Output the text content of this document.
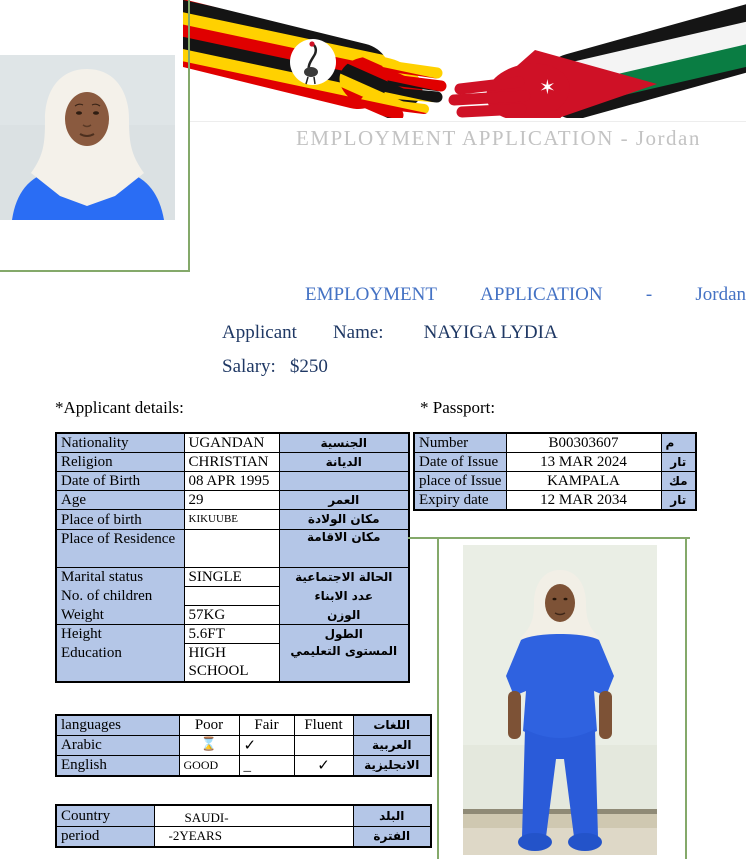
✶
EMPLOYMENT APPLICATION - Jordan
EMPLOYMENT APPLICATION - Jordan
Applicant Name: NAYIGA LYDIA
Salary: $250
*Applicant details:	* Passport:
Nationality	UGANDAN	الجنسية
Religion	CHRISTIAN	الديانة
Date of Birth	08 APR 1995	
Age	29	العمر
Place of birth	KIKUUBE	مكان الولادة
Place of Residence		مكان الاقامة
Marital status	SINGLE	الحالة الاجتماعية
No. of children		عدد الابناء
Weight	57KG	الوزن
Height	5.6FT	الطول
Education	HIGH SCHOOL	المستوى التعليمي
Number	B00303607	م
Date of Issue	13 MAR 2024	تار
place of Issue	KAMPALA	مك
Expiry date	12 MAR 2034	تار
languages	Poor	Fair	Fluent	اللغات
Arabic	⌛	✓		العربية
English	GOOD	_	✓	الانجليزية
Country	SAUDI-	البلد
period	-2YEARS	الفترة
